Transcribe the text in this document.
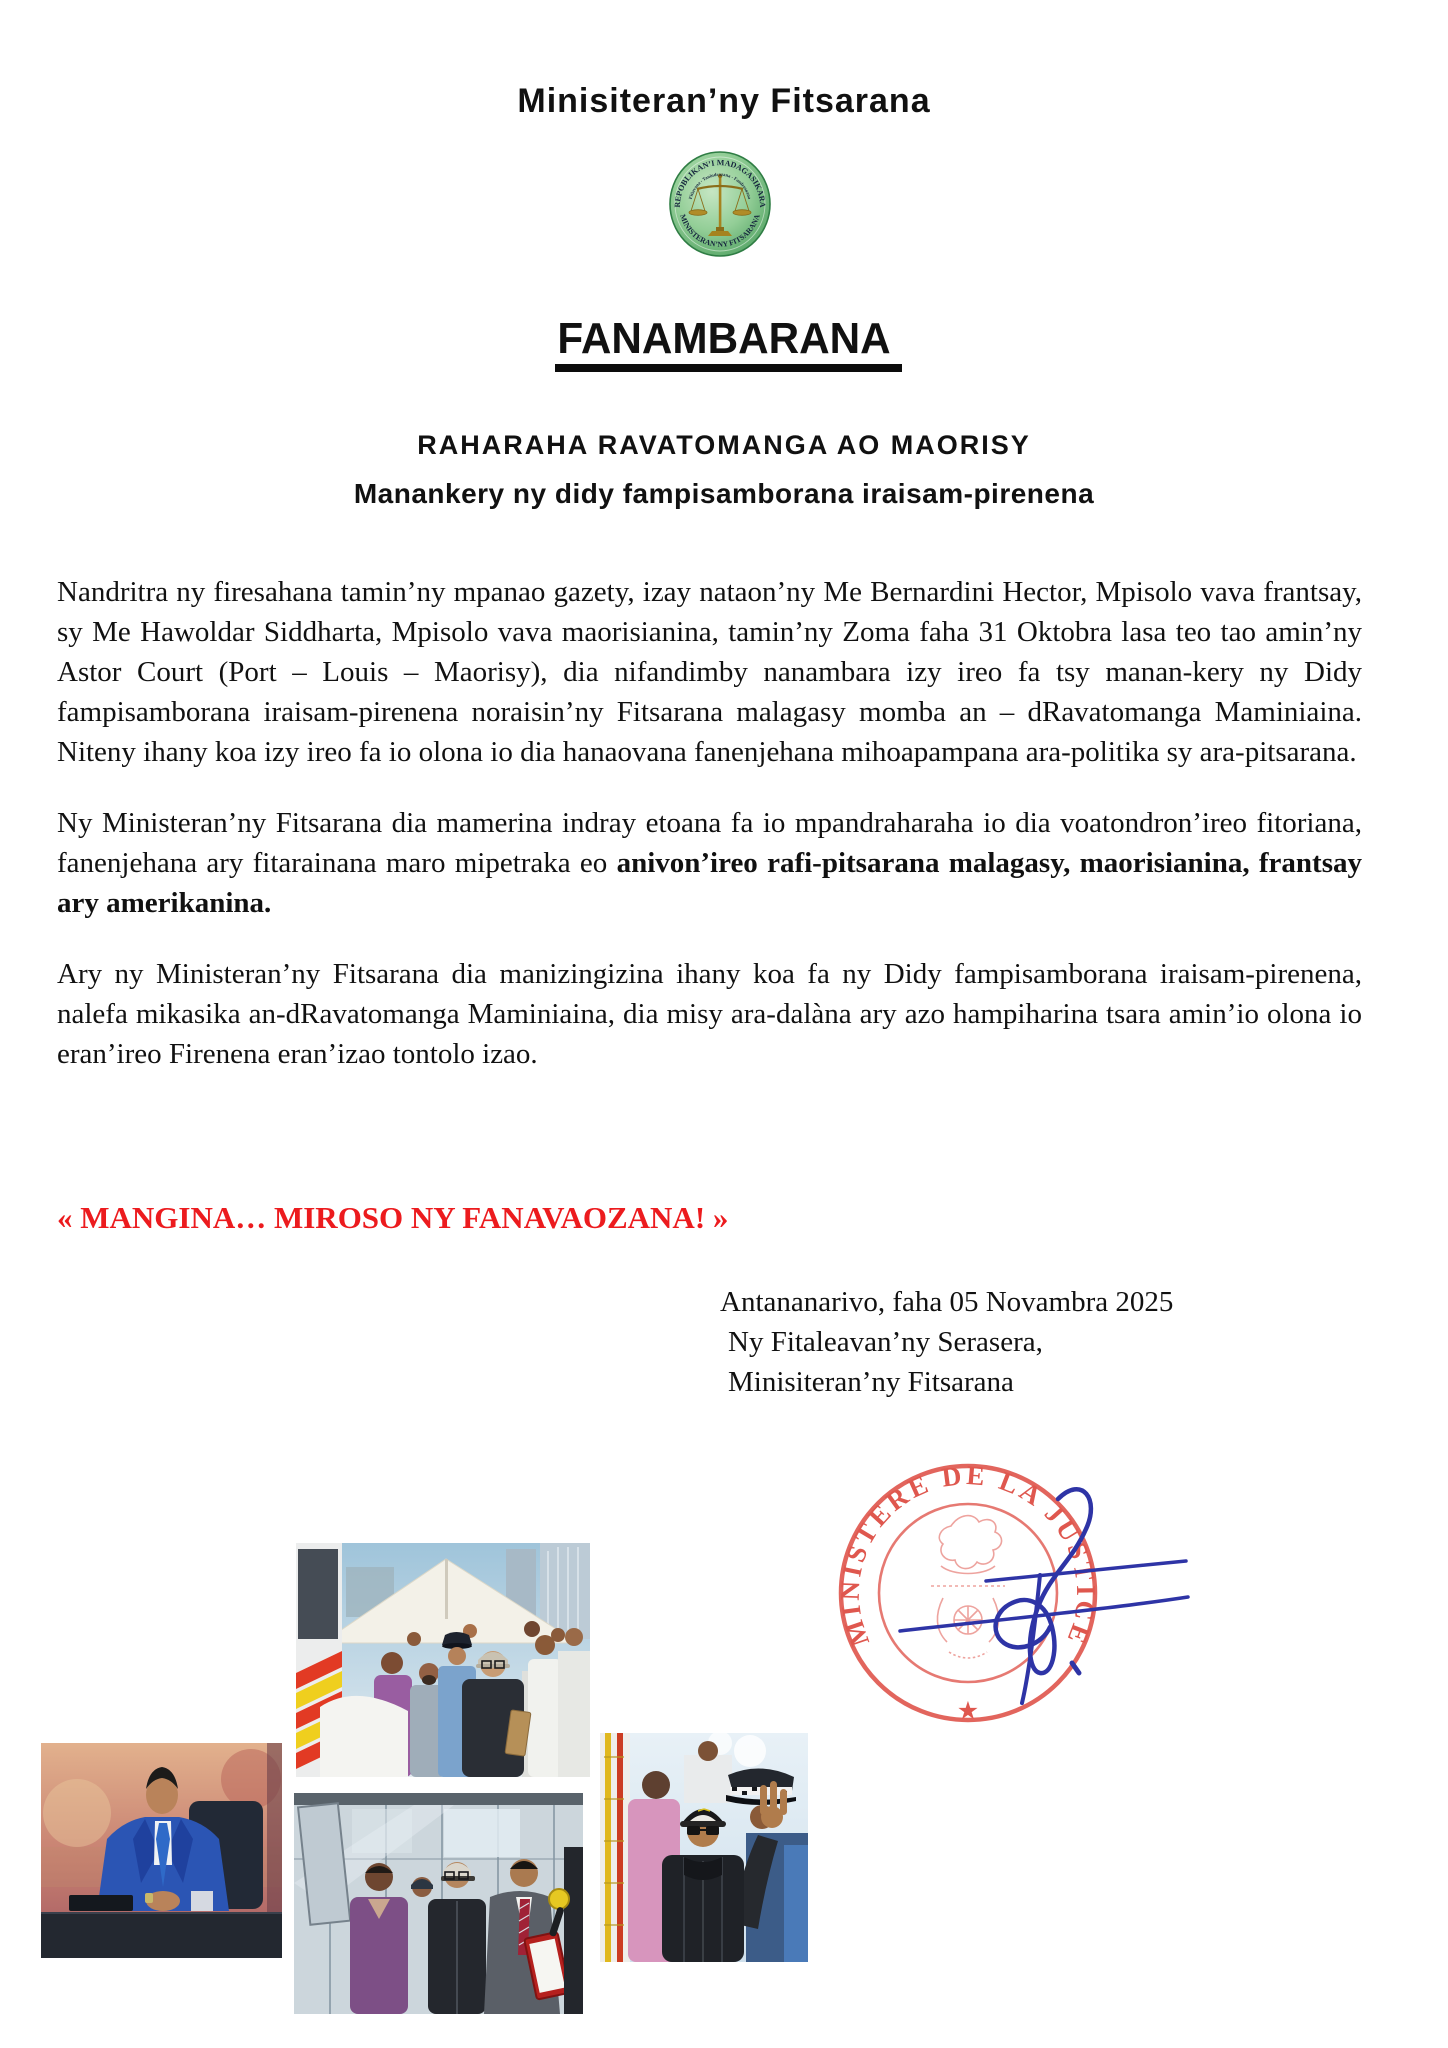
Minisiteran’ny Fitsarana
REPOBLIKAN’I MADAGASIKARA
Fitiavana - Tanindrazana - Fandrosoana
MINISTERAN’NY FITSARANA
FANAMBARANA
RAHARAHA RAVATOMANGA AO MAORISY
Manankery ny didy fampisamborana iraisam-pirenena

Nandritra ny firesahana tamin’ny mpanao gazety, izay nataon’ny Me Bernardini Hector, Mpisolo vava frantsay, sy Me Hawoldar Siddharta, Mpisolo vava maorisianina, tamin’ny Zoma faha 31 Oktobra lasa teo tao amin’ny Astor Court (Port – Louis – Maorisy), dia nifandimby nanambara izy ireo fa tsy manan-kery ny Didy fampisamborana iraisam-pirenena noraisin’ny Fitsarana malagasy momba an – dRavatomanga Maminiaina. Niteny ihany koa izy ireo fa io olona io dia hanaovana fanenjehana mihoapampana ara-politika sy ara-pitsarana.

Ny Ministeran’ny Fitsarana dia mamerina indray etoana fa io mpandraharaha io dia voatondron’ireo fitoriana, fanenjehana ary fitarainana maro mipetraka eo anivon’ireo rafi-pitsarana malagasy, maorisianina, frantsay ary amerikanina.

Ary ny Ministeran’ny Fitsarana dia manizingizina ihany koa fa ny Didy fampisamborana iraisam-pirenena, nalefa mikasika an-dRavatomanga Maminiaina, dia misy ara-dalàna ary azo hampiharina tsara amin’io olona io eran’ireo Firenena eran’izao tontolo izao.

« MANGINA… MIROSO NY FANAVAOZANA! »
Antananarivo, faha 05 Novambra 2025
Ny Fitaleavan’ny Serasera,
Minisiteran’ny Fitsarana
MINISTERE DE LA JUSTICE
★
